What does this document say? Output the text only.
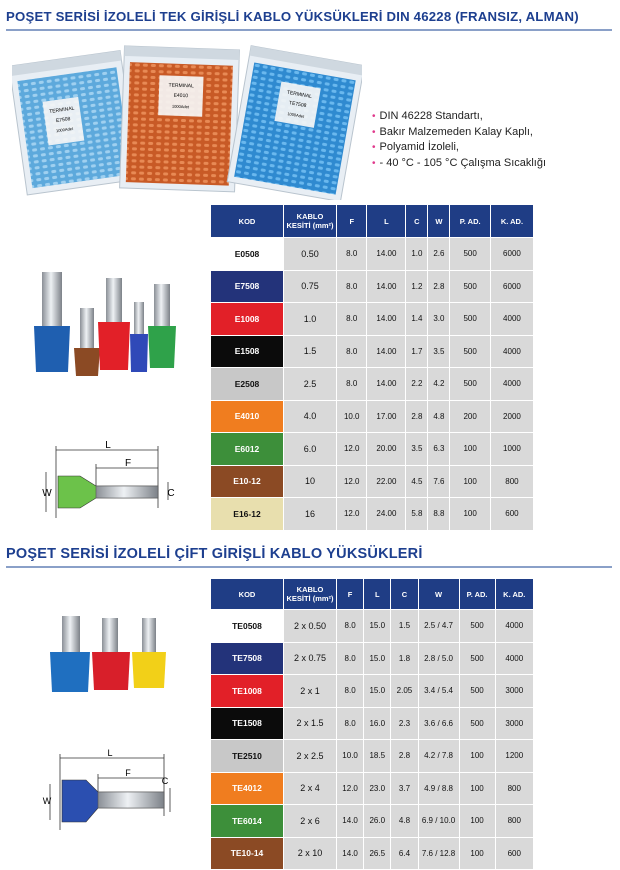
POŞET SERİSİ İZOLELİ TEK GİRİŞLİ KABLO YÜKSÜKLERİ DIN 46228 (FRANSIZ, ALMAN)
TERMINAL
E7508
1000Adet
TERMINAL
E4010
1000Adet
TERMINAL
TE7508
1000Adet	• DIN 46228 Standartı,
• Bakır Malzemeden Kalay Kaplı,
• Polyamid İzoleli,
• - 40 °C - 105 °C Çalışma Sıcaklığı
L
F
W	C
KOD	KABLO KESİTİ (mm²)	F	L	C	W	P. AD.	K. AD.
E0508	0.50	8.0	14.00	1.0	2.6	500	6000
E7508	0.75	8.0	14.00	1.2	2.8	500	6000
E1008	1.0	8.0	14.00	1.4	3.0	500	4000
E1508	1.5	8.0	14.00	1.7	3.5	500	4000
E2508	2.5	8.0	14.00	2.2	4.2	500	4000
E4010	4.0	10.0	17.00	2.8	4.8	200	2000
E6012	6.0	12.0	20.00	3.5	6.3	100	1000
E10-12	10	12.0	22.00	4.5	7.6	100	800
E16-12	16	12.0	24.00	5.8	8.8	100	600
POŞET SERİSİ İZOLELİ ÇİFT GİRİŞLİ KABLO YÜKSÜKLERİ
L
F
W
C
KOD	KABLO KESİTİ (mm²)	F	L	C	W	P. AD.	K. AD.
TE0508	2 x 0.50	8.0	15.0	1.5	2.5 / 4.7	500	4000
TE7508	2 x 0.75	8.0	15.0	1.8	2.8 / 5.0	500	4000
TE1008	2 x 1	8.0	15.0	2.05	3.4 / 5.4	500	3000
TE1508	2 x 1.5	8.0	16.0	2.3	3.6 / 6.6	500	3000
TE2510	2 x 2.5	10.0	18.5	2.8	4.2 / 7.8	100	1200
TE4012	2 x 4	12.0	23.0	3.7	4.9 / 8.8	100	800
TE6014	2 x 6	14.0	26.0	4.8	6.9 / 10.0	100	800
TE10-14	2 x 10	14.0	26.5	6.4	7.6 / 12.8	100	600
